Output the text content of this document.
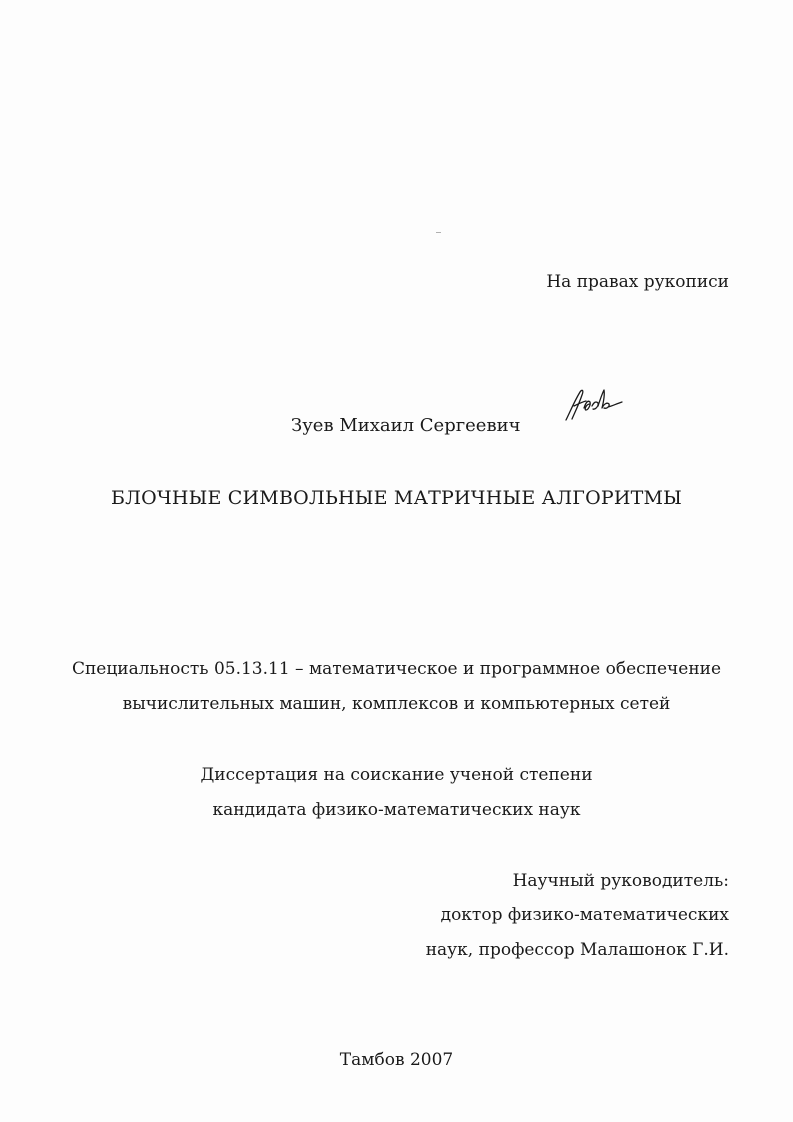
На правах рукописи
Зуев Михаил Сергеевич
БЛОЧНЫЕ СИМВОЛЬНЫЕ МАТРИЧНЫЕ АЛГОРИТМЫ
Специальность 05.13.11 – математическое и программное обеспечение
вычислительных машин, комплексов и компьютерных сетей
Диссертация на соискание ученой степени
кандидата физико-математических наук
Научный руководитель:
доктор физико-математических
наук, профессор Малашонок Г.И.
Тамбов 2007
